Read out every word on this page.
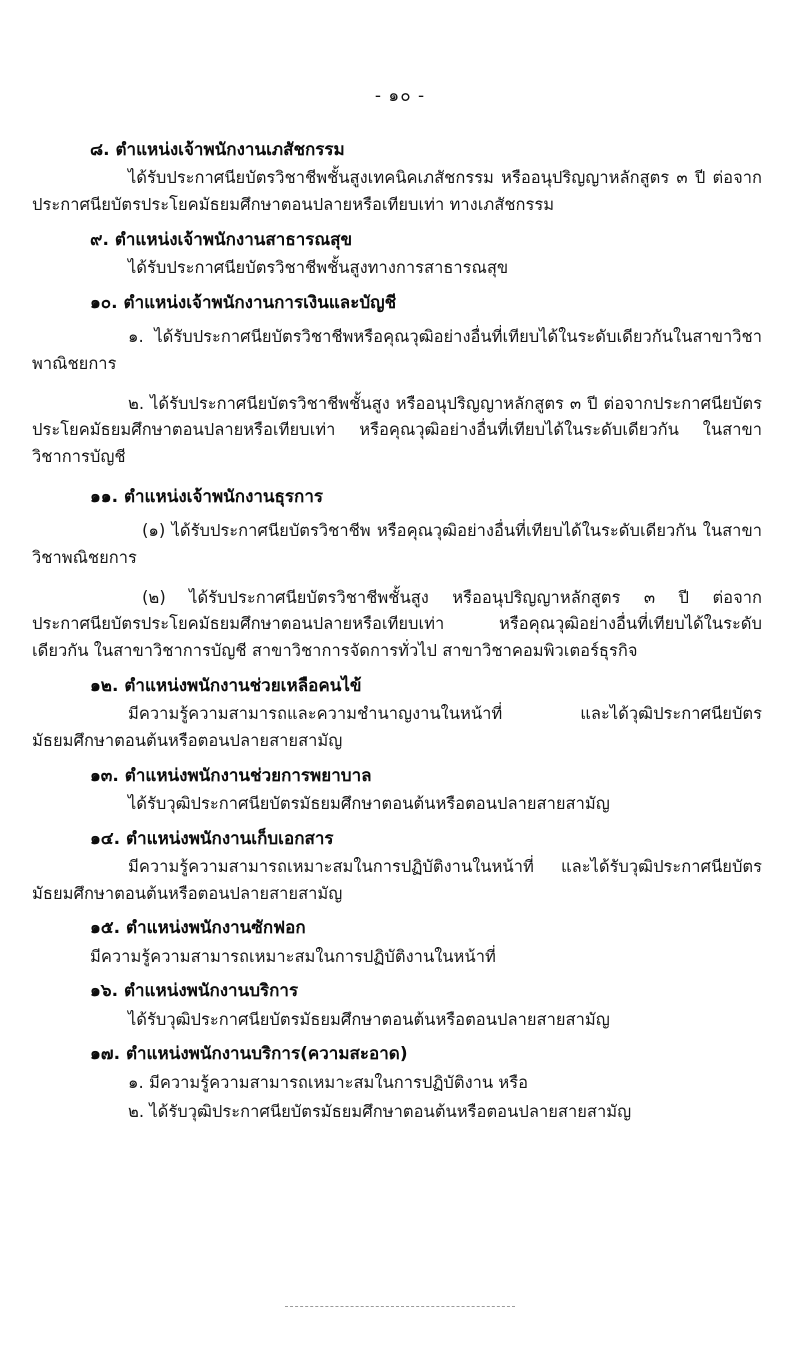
- ๑๐ -

๘. ตำแหน่งเจ้าพนักงานเภสัชกรรม

ได้รับประกาศนียบัตรวิชาชีพชั้นสูงเทคนิคเภสัชกรรม หรืออนุปริญญาหลักสูตร ๓ ปี ต่อจากประกาศนียบัตรประโยคมัธยมศึกษาตอนปลายหรือเทียบเท่า ทางเภสัชกรรม

๙. ตำแหน่งเจ้าพนักงานสาธารณสุข

ได้รับประกาศนียบัตรวิชาชีพชั้นสูงทางการสาธารณสุข

๑๐. ตำแหน่งเจ้าพนักงานการเงินและบัญชี

๑. ได้รับประกาศนียบัตรวิชาชีพหรือคุณวุฒิอย่างอื่นที่เทียบได้ในระดับเดียวกันในสาขาวิชาพาณิชยการ

๒. ได้รับประกาศนียบัตรวิชาชีพชั้นสูง หรืออนุปริญญาหลักสูตร ๓ ปี ต่อจากประกาศนียบัตรประโยคมัธยมศึกษาตอนปลายหรือเทียบเท่า หรือคุณวุฒิอย่างอื่นที่เทียบได้ในระดับเดียวกัน ในสาขาวิชาการบัญชี

๑๑. ตำแหน่งเจ้าพนักงานธุรการ

(๑) ได้รับประกาศนียบัตรวิชาชีพ หรือคุณวุฒิอย่างอื่นที่เทียบได้ในระดับเดียวกัน ในสาขาวิชาพณิชยการ

(๒) ได้รับประกาศนียบัตรวิชาชีพชั้นสูง หรืออนุปริญญาหลักสูตร ๓ ปี ต่อจากประกาศนียบัตรประโยคมัธยมศึกษาตอนปลายหรือเทียบเท่า หรือคุณวุฒิอย่างอื่นที่เทียบได้ในระดับเดียวกัน ในสาขาวิชาการบัญชี สาขาวิชาการจัดการทั่วไป สาขาวิชาคอมพิวเตอร์ธุรกิจ

๑๒. ตำแหน่งพนักงานช่วยเหลือคนไข้

มีความรู้ความสามารถและความชำนาญงานในหน้าที่ และได้วุฒิประกาศนียบัตรมัธยมศึกษาตอนต้นหรือตอนปลายสายสามัญ

๑๓. ตำแหน่งพนักงานช่วยการพยาบาล

ได้รับวุฒิประกาศนียบัตรมัธยมศึกษาตอนต้นหรือตอนปลายสายสามัญ

๑๔. ตำแหน่งพนักงานเก็บเอกสาร

มีความรู้ความสามารถเหมาะสมในการปฏิบัติงานในหน้าที่ และได้รับวุฒิประกาศนียบัตรมัธยมศึกษาตอนต้นหรือตอนปลายสายสามัญ

๑๕. ตำแหน่งพนักงานซักฟอก

มีความรู้ความสามารถเหมาะสมในการปฏิบัติงานในหน้าที่

๑๖. ตำแหน่งพนักงานบริการ

ได้รับวุฒิประกาศนียบัตรมัธยมศึกษาตอนต้นหรือตอนปลายสายสามัญ

๑๗. ตำแหน่งพนักงานบริการ(ความสะอาด)

๑. มีความรู้ความสามารถเหมาะสมในการปฏิบัติงาน หรือ

๒. ได้รับวุฒิประกาศนียบัตรมัธยมศึกษาตอนต้นหรือตอนปลายสายสามัญ
